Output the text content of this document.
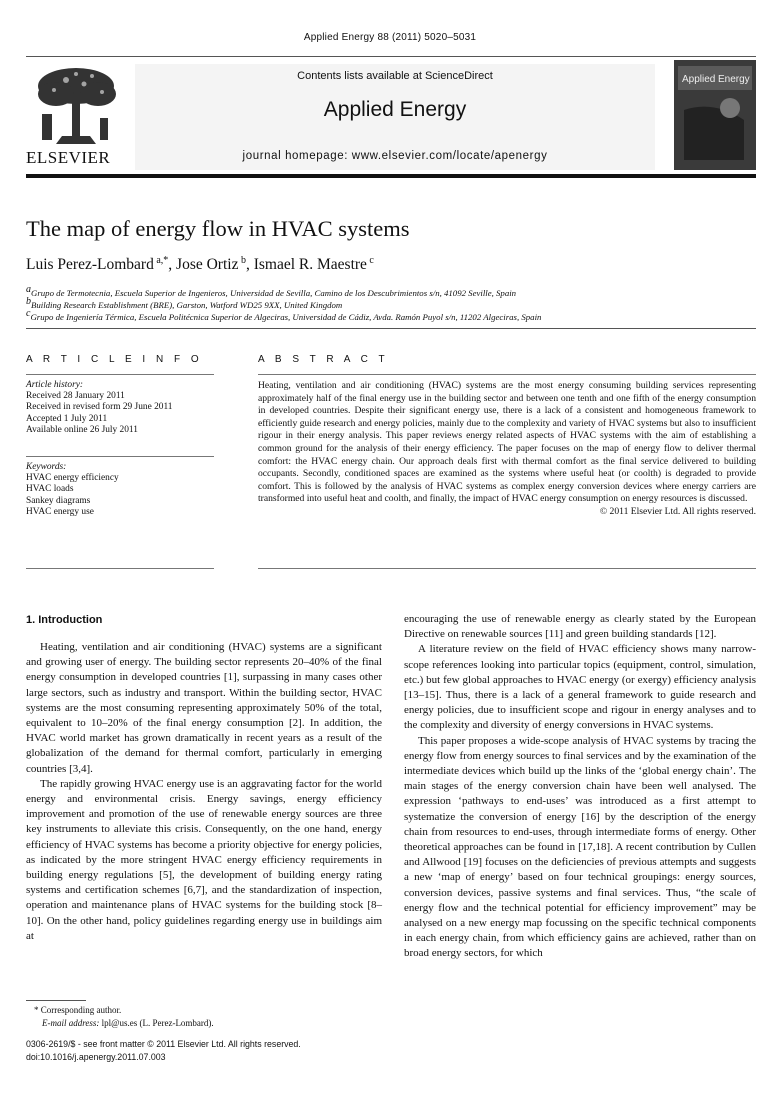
Applied Energy 88 (2011) 5020–5031
ELSEVIER
Contents lists available at ScienceDirect
Applied Energy
journal homepage: www.elsevier.com/locate/apenergy
Applied Energy
The map of energy flow in HVAC systems
Luis Perez-Lombard $^{a,*}$, Jose Ortiz $^b$, Ismael R. Maestre $^c$
$^a$Grupo de Termotecnia, Escuela Superior de Ingenieros, Universidad de Sevilla, Camino de los Descubrimientos s/n, 41092 Seville, Spain
$^b$Building Research Establishment (BRE), Garston, Watford WD25 9XX, United Kingdom
$^c$Grupo de Ingeniería Térmica, Escuela Politécnica Superior de Algeciras, Universidad de Cádiz, Avda. Ramón Puyol s/n, 11202 Algeciras, Spain
A R T I C L E I N F O	A B S T R A C T
Article history:
Received 28 January 2011
Received in revised form 29 June 2011
Accepted 1 July 2011
Available online 26 July 2011
Keywords:
HVAC energy efficiency
HVAC loads
Sankey diagrams
HVAC energy use
Heating, ventilation and air conditioning (HVAC) systems are the most energy consuming building services representing approximately half of the final energy use in the building sector and between one tenth and one fifth of the energy consumption in developed countries. Despite their significant energy use, there is a lack of a consistent and homogeneous framework to efficiently guide research and energy policies, mainly due to the complexity and variety of HVAC systems but also to insufficient rigour in their energy analysis. This paper reviews energy related aspects of HVAC systems with the aim of establishing a common ground for the analysis of their energy efficiency. The paper focuses on the map of energy flow to deliver thermal comfort: the HVAC energy chain. Our approach deals first with thermal comfort as the final service delivered to building occupants. Secondly, conditioned spaces are examined as the systems where useful heat (or coolth) is degraded to provide comfort. This is followed by the analysis of HVAC systems as complex energy conversion devices where energy carriers are transformed into useful heat and coolth, and finally, the impact of HVAC energy consumption on energy resources is discussed.
© 2011 Elsevier Ltd. All rights reserved.
1. Introduction

Heating, ventilation and air conditioning (HVAC) systems are a significant and growing user of energy. The building sector represents 20–40% of the final energy consumption in developed countries [1], surpassing in many cases other large sectors, such as industry and transport. Within the building sector, HVAC systems are the most consuming representing approximately 50% of the total, equivalent to 10–20% of the final energy consumption [2]. In addition, the HVAC world market has grown dramatically in recent years as a result of the globalization of the demand for thermal comfort, particularly in emerging countries [3,4].

The rapidly growing HVAC energy use is an aggravating factor for the world energy and environmental crisis. Energy savings, energy efficiency improvement and promotion of the use of renewable energy sources are three key instruments to alleviate this crisis. Consequently, on the one hand, energy efficiency of HVAC systems has become a priority objective for energy policies, as indicated by the more stringent HVAC energy efficiency requirements in building energy regulations [5], the development of building energy rating systems and certification schemes [6,7], and the standardization of inspection, operation and maintenance plans of HVAC systems for the building stock [8–10]. On the other hand, policy guidelines regarding energy use in buildings aim at

encouraging the use of renewable energy as clearly stated by the European Directive on renewable sources [11] and green building standards [12].

A literature review on the field of HVAC efficiency shows many narrow-scope references looking into particular topics (equipment, control, simulation, etc.) but few global approaches to HVAC energy (or exergy) efficiency analysis [13–15]. Thus, there is a lack of a general framework to guide research and energy policies, due to insufficient scope and rigour in energy analyses and to the complexity and diversity of energy conversions in HVAC systems.

This paper proposes a wide-scope analysis of HVAC systems by tracing the energy flow from energy sources to final services and by the examination of the intermediate devices which build up the links of the ‘global energy chain’. The main stages of the energy conversion chain have been well analysed. The expression ‘pathways to end-uses’ was introduced as a first attempt to systematize the conversion of energy [16] by the description of the energy chain from resources to end-uses, through intermediate forms of energy. Other theoretical approaches can be found in [17,18]. A recent contribution by Cullen and Allwood [19] focuses on the deficiencies of previous attempts and suggests a new ‘map of energy’ based on four technical groupings: energy sources, conversion devices, passive systems and final services. Thus, “the scale of energy flow and the technical potential for efficiency improvement” may be analysed on a new energy map focussing on the specific technical components in each energy chain, from which efficiency gains are achieved, rather than on broad energy sectors, for which

* Corresponding author.
E-mail address: lpl@us.es (L. Perez-Lombard).
0306-2619/$ - see front matter © 2011 Elsevier Ltd. All rights reserved.
doi:10.1016/j.apenergy.2011.07.003
